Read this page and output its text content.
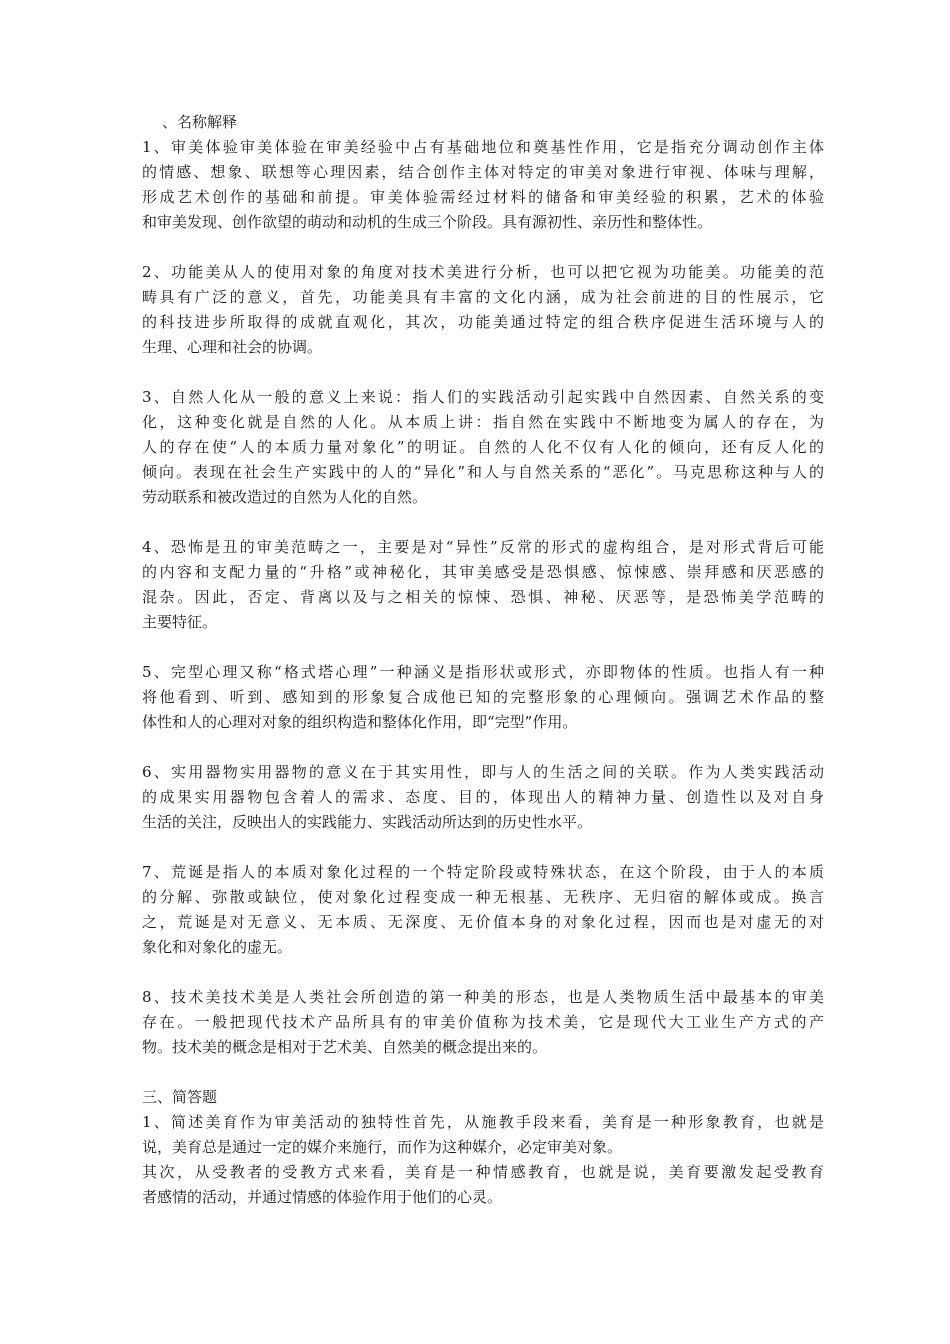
、名称解释
1、审美体验审美体验在审美经验中占有基础地位和奠基性作用，它是指充分调动创作主体
的情感、想象、联想等心理因素，结合创作主体对特定的审美对象进行审视、体味与理解，
形成艺术创作的基础和前提。审美体验需经过材料的储备和审美经验的积累，艺术的体验
和审美发现、创作欲望的萌动和动机的生成三个阶段。具有源初性、亲历性和整体性。
2、功能美从人的使用对象的角度对技术美进行分析，也可以把它视为功能美。功能美的范
畴具有广泛的意义，首先，功能美具有丰富的文化内涵，成为社会前进的目的性展示，它
的科技进步所取得的成就直观化，其次，功能美通过特定的组合秩序促进生活环境与人的
生理、心理和社会的协调。
3、自然人化从一般的意义上来说：指人们的实践活动引起实践中自然因素、自然关系的变
化，这种变化就是自然的人化。从本质上讲：指自然在实践中不断地变为属人的存在，为
人的存在使“人的本质力量对象化”的明证。自然的人化不仅有人化的倾向，还有反人化的
倾向。表现在社会生产实践中的人的“异化”和人与自然关系的“恶化”。马克思称这种与人的
劳动联系和被改造过的自然为人化的自然。
4、恐怖是丑的审美范畴之一，主要是对“异性”反常的形式的虚构组合，是对形式背后可能
的内容和支配力量的“升格”或神秘化，其审美感受是恐惧感、惊悚感、崇拜感和厌恶感的
混杂。因此，否定、背离以及与之相关的惊悚、恐惧、神秘、厌恶等，是恐怖美学范畴的
主要特征。
5、完型心理又称“格式塔心理”一种涵义是指形状或形式，亦即物体的性质。也指人有一种
将他看到、听到、感知到的形象复合成他已知的完整形象的心理倾向。强调艺术作品的整
体性和人的心理对对象的组织构造和整体化作用，即“完型”作用。
6、实用器物实用器物的意义在于其实用性，即与人的生活之间的关联。作为人类实践活动
的成果实用器物包含着人的需求、态度、目的，体现出人的精神力量、创造性以及对自身
生活的关注，反映出人的实践能力、实践活动所达到的历史性水平。
7、荒诞是指人的本质对象化过程的一个特定阶段或特殊状态，在这个阶段，由于人的本质
的分解、弥散或缺位，使对象化过程变成一种无根基、无秩序、无归宿的解体或成。换言
之，荒诞是对无意义、无本质、无深度、无价值本身的对象化过程，因而也是对虚无的对
象化和对象化的虚无。
8、技术美技术美是人类社会所创造的第一种美的形态，也是人类物质生活中最基本的审美
存在。一般把现代技术产品所具有的审美价值称为技术美，它是现代大工业生产方式的产
物。技术美的概念是相对于艺术美、自然美的概念提出来的。
三、简答题
1、简述美育作为审美活动的独特性首先，从施教手段来看，美育是一种形象教育，也就是
说，美育总是通过一定的媒介来施行，而作为这种媒介，必定审美对象。
其次，从受教者的受教方式来看，美育是一种情感教育，也就是说，美育要激发起受教育
者感情的活动，并通过情感的体验作用于他们的心灵。
